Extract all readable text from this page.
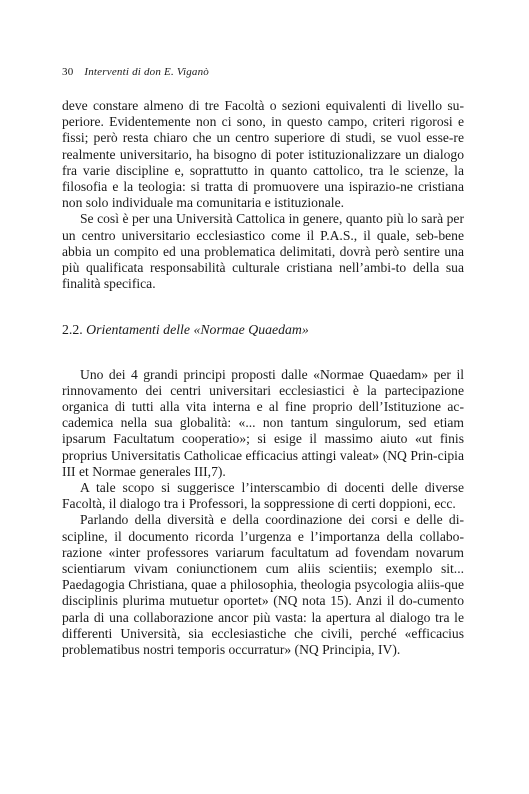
30 Interventi di don E. Viganò

deve constare almeno di tre Facoltà o sezioni equivalenti di livello su-periore. Evidentemente non ci sono, in questo campo, criteri rigorosi e fissi; però resta chiaro che un centro superiore di studi, se vuol esse-re realmente universitario, ha bisogno di poter istituzionalizzare un dialogo fra varie discipline e, soprattutto in quanto cattolico, tra le scienze, la filosofia e la teologia: si tratta di promuovere una ispirazio-ne cristiana non solo individuale ma comunitaria e istituzionale.

Se così è per una Università Cattolica in genere, quanto più lo sarà per un centro universitario ecclesiastico come il P.A.S., il quale, seb-bene abbia un compito ed una problematica delimitati, dovrà però sentire una più qualificata responsabilità culturale cristiana nell’ambi-to della sua finalità specifica.

2.2. Orientamenti delle «Normae Quaedam»

Uno dei 4 grandi principi proposti dalle «Normae Quaedam» per il rinnovamento dei centri universitari ecclesiastici è la partecipazione organica di tutti alla vita interna e al fine proprio dell’Istituzione ac-cademica nella sua globalità: «... non tantum singulorum, sed etiam ipsarum Facultatum cooperatio»; si esige il massimo aiuto «ut finis proprius Universitatis Catholicae efficacius attingi valeat» (NQ Prin-cipia III et Normae generales III,7).

A tale scopo si suggerisce l’interscambio di docenti delle diverse Facoltà, il dialogo tra i Professori, la soppressione di certi doppioni, ecc.

Parlando della diversità e della coordinazione dei corsi e delle di-scipline, il documento ricorda l’urgenza e l’importanza della collabo-razione «inter professores variarum facultatum ad fovendam novarum scientiarum vivam coniunctionem cum aliis scientiis; exemplo sit... Paedagogia Christiana, quae a philosophia, theologia psycologia aliis-que disciplinis plurima mutuetur oportet» (NQ nota 15). Anzi il do-cumento parla di una collaborazione ancor più vasta: la apertura al dialogo tra le differenti Università, sia ecclesiastiche che civili, perché «efficacius problematibus nostri temporis occurratur» (NQ Principia, IV).
